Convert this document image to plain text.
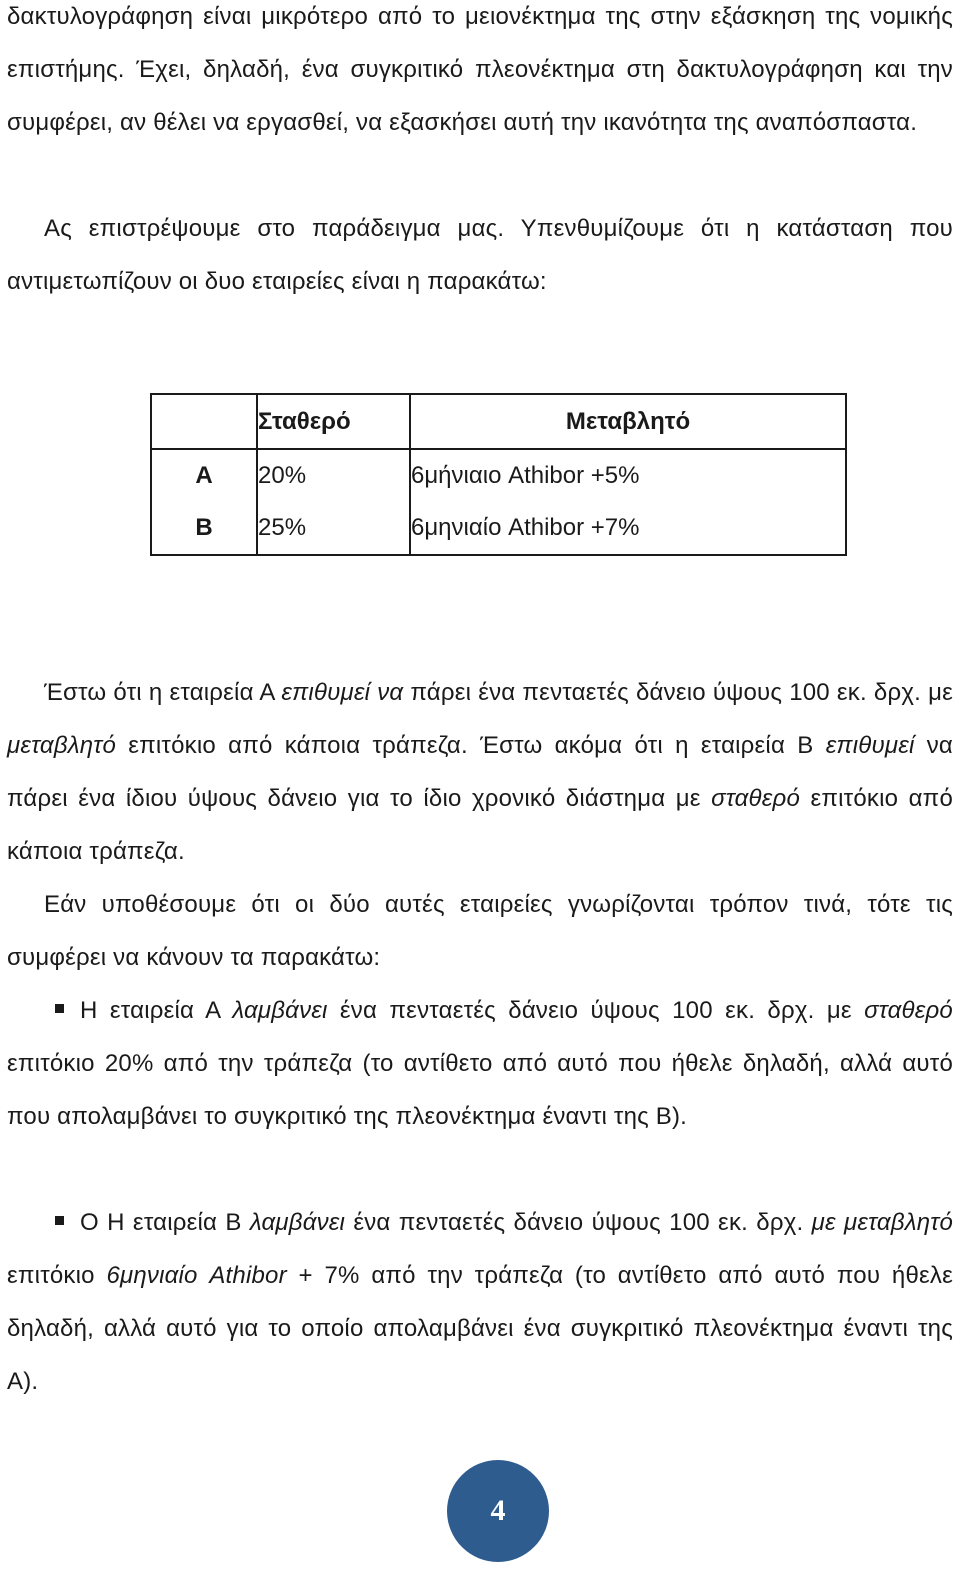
δακτυλογράφηση είναι μικρότερο από το μειονέκτημα της στην εξάσκηση της νομικής επιστήμης. Έχει, δηλαδή, ένα συγκριτικό πλεονέκτημα στη δακτυλογράφηση και την συμφέρει, αν θέλει να εργασθεί, να εξασκήσει αυτή την ικανότητα της αναπόσπαστα.

Ας επιστρέψουμε στο παράδειγμα μας. Υπενθυμίζουμε ότι η κατάσταση που αντιμετωπίζουν οι δυο εταιρείες είναι η παρακάτω:

	Σταθερό	Μεταβλητό
A	20%	6μήνιαιο Athibor +5%
B	25%	6μηνιαίο Athibor +7%

Έστω ότι η εταιρεία Α επιθυμεί να πάρει ένα πενταετές δάνειο ύψους 100 εκ. δρχ. με μεταβλητό επιτόκιο από κάποια τράπεζα. Έστω ακόμα ότι η εταιρεία Β επιθυμεί να πάρει ένα ίδιου ύψους δάνειο για το ίδιο χρονικό διάστημα με σταθερό επιτόκιο από κάποια τράπεζα.

Εάν υποθέσουμε ότι οι δύο αυτές εταιρείες γνωρίζονται τρόπον τινά, τότε τις συμφέρει να κάνουν τα παρακάτω:

Η εταιρεία Α λαμβάνει ένα πενταετές δάνειο ύψους 100 εκ. δρχ. με σταθερό επιτόκιο 20% από την τράπεζα (το αντίθετο από αυτό που ήθελε δηλαδή, αλλά αυτό που απολαμβάνει το συγκριτικό της πλεονέκτημα έναντι της Β).

Ο Η εταιρεία Β λαμβάνει ένα πενταετές δάνειο ύψους 100 εκ. δρχ. με μεταβλητό επιτόκιο 6μηνιαίο Athibor + 7% από την τράπεζα (το αντίθετο από αυτό που ήθελε δηλαδή, αλλά αυτό για το οποίο απολαμβάνει ένα συγκριτικό πλεονέκτημα έναντι της Α).

4
